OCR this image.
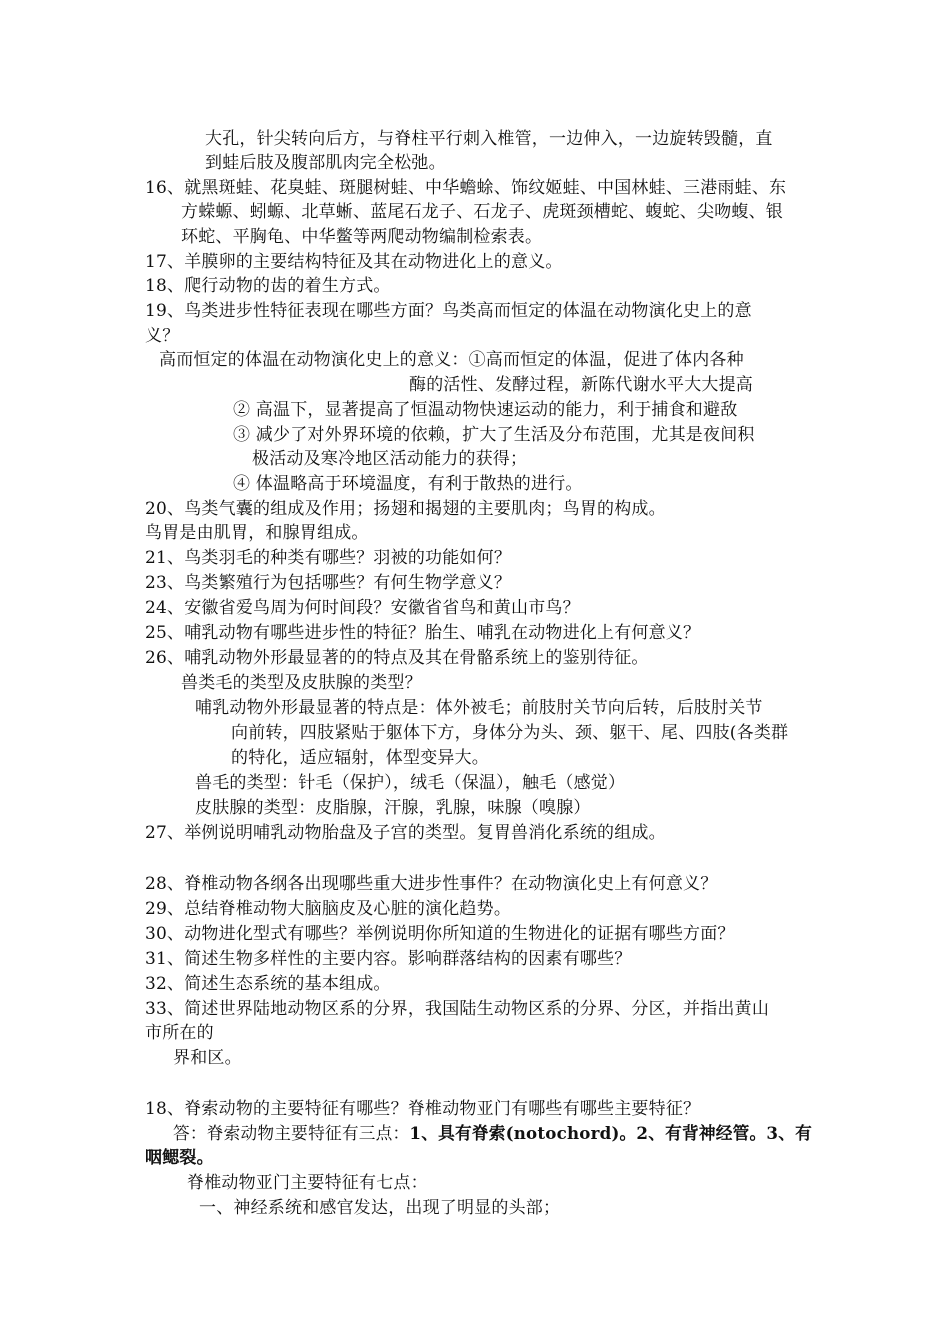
大孔，针尖转向后方，与脊柱平行刺入椎管，一边伸入，一边旋转毁髓，直
到蛙后肢及腹部肌肉完全松弛。
16、就黑斑蛙、花臭蛙、斑腿树蛙、中华蟾蜍、饰纹姬蛙、中国林蛙、三港雨蛙、东
方蝾螈、蚓螈、北草蜥、蓝尾石龙子、石龙子、虎斑颈槽蛇、蝮蛇、尖吻蝮、银
环蛇、平胸龟、中华鳖等两爬动物编制检索表。
17、羊膜卵的主要结构特征及其在动物进化上的意义。
18、爬行动物的齿的着生方式。
19、鸟类进步性特征表现在哪些方面？鸟类高而恒定的体温在动物演化史上的意
义？
高而恒定的体温在动物演化史上的意义：①高而恒定的体温，促进了体内各种
酶的活性、发酵过程，新陈代谢水平大大提高
② 高温下，显著提高了恒温动物快速运动的能力，利于捕食和避敌
③ 减少了对外界环境的依赖，扩大了生活及分布范围，尤其是夜间积
极活动及寒冷地区活动能力的获得；
④ 体温略高于环境温度，有利于散热的进行。
20、鸟类气囊的组成及作用；扬翅和揭翅的主要肌肉；鸟胃的构成。
鸟胃是由肌胃，和腺胃组成。
21、鸟类羽毛的种类有哪些？羽被的功能如何？
23、鸟类繁殖行为包括哪些？有何生物学意义？
24、安徽省爱鸟周为何时间段？安徽省省鸟和黄山市鸟？
25、哺乳动物有哪些进步性的特征？胎生、哺乳在动物进化上有何意义？
26、哺乳动物外形最显著的的特点及其在骨骼系统上的鉴别待征。
兽类毛的类型及皮肤腺的类型？
哺乳动物外形最显著的特点是：体外被毛；前肢肘关节向后转，后肢肘关节
向前转，四肢紧贴于躯体下方，身体分为头、颈、躯干、尾、四肢(各类群
的特化，适应辐射，体型变异大。
兽毛的类型：针毛（保护），绒毛（保温），触毛（感觉）
皮肤腺的类型：皮脂腺，汗腺，乳腺，味腺（嗅腺）
27、举例说明哺乳动物胎盘及子宫的类型。复胃兽消化系统的组成。
28、脊椎动物各纲各出现哪些重大进步性事件？在动物演化史上有何意义？
29、总结脊椎动物大脑脑皮及心脏的演化趋势。
30、动物进化型式有哪些？举例说明你所知道的生物进化的证据有哪些方面？
31、简述生物多样性的主要内容。影响群落结构的因素有哪些？
32、简述生态系统的基本组成。
33、简述世界陆地动物区系的分界，我国陆生动物区系的分界、分区，并指出黄山
市所在的
界和区。
18、脊索动物的主要特征有哪些？脊椎动物亚门有哪些有哪些主要特征？
答：脊索动物主要特征有三点：1、具有脊索(notochord)。2、有背神经管。3、有
咽鳃裂。
脊椎动物亚门主要特征有七点：
一、神经系统和感官发达，出现了明显的头部；
